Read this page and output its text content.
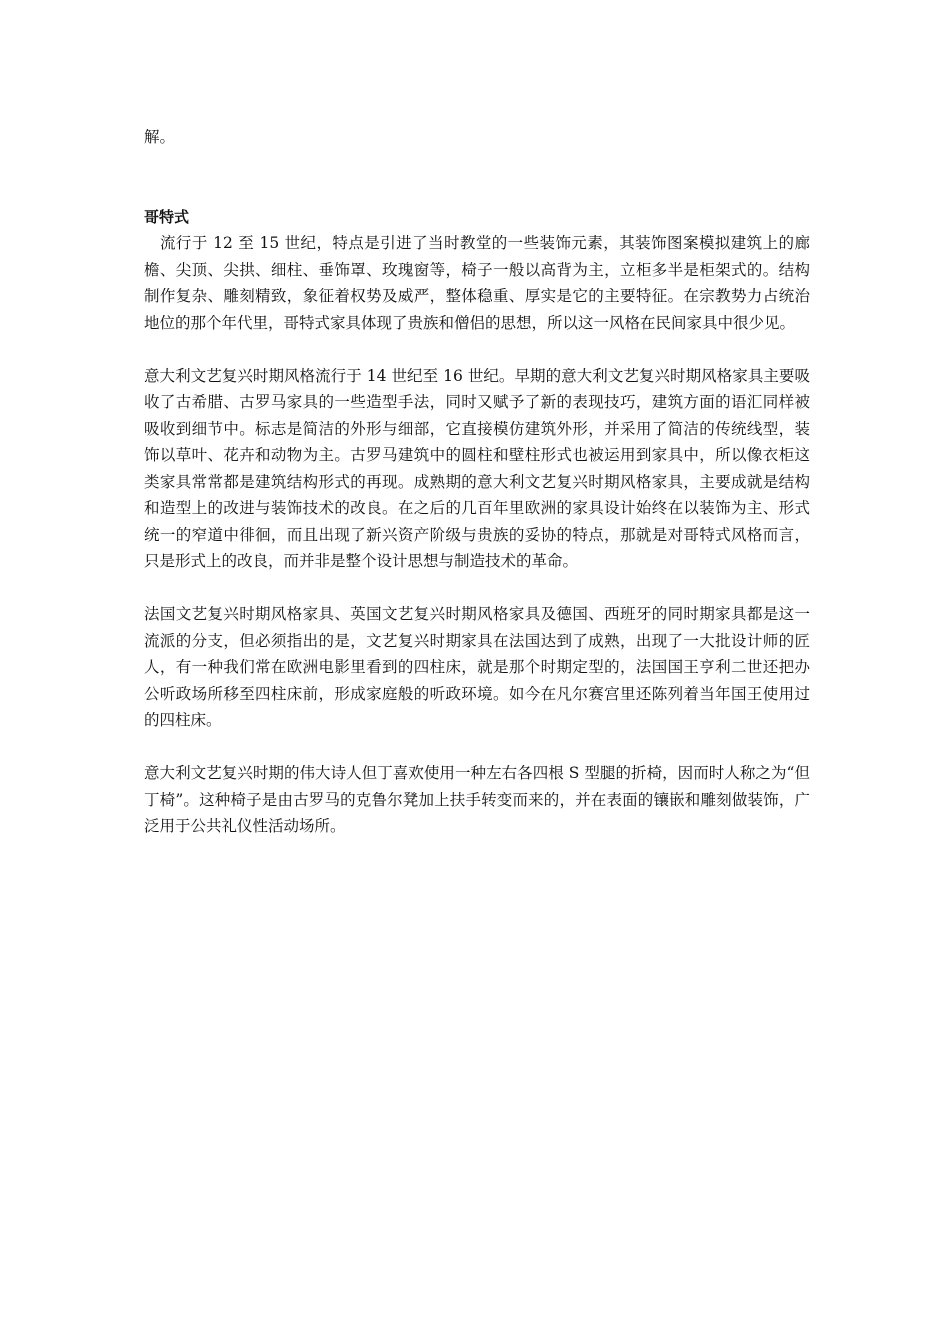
解。

哥特式

流行于 12 至 15 世纪，特点是引进了当时教堂的一些装饰元素，其装饰图案模拟建筑上的廊檐、尖顶、尖拱、细柱、垂饰罩、玫瑰窗等，椅子一般以高背为主，立柜多半是柜架式的。结构制作复杂、雕刻精致，象征着权势及威严，整体稳重、厚实是它的主要特征。在宗教势力占统治地位的那个年代里，哥特式家具体现了贵族和僧侣的思想，所以这一风格在民间家具中很少见。

意大利文艺复兴时期风格流行于 14 世纪至 16 世纪。早期的意大利文艺复兴时期风格家具主要吸收了古希腊、古罗马家具的一些造型手法，同时又赋予了新的表现技巧，建筑方面的语汇同样被吸收到细节中。标志是简洁的外形与细部，它直接模仿建筑外形，并采用了简洁的传统线型，装饰以草叶、花卉和动物为主。古罗马建筑中的圆柱和壁柱形式也被运用到家具中，所以像衣柜这类家具常常都是建筑结构形式的再现。成熟期的意大利文艺复兴时期风格家具，主要成就是结构和造型上的改进与装饰技术的改良。在之后的几百年里欧洲的家具设计始终在以装饰为主、形式统一的窄道中徘徊，而且出现了新兴资产阶级与贵族的妥协的特点，那就是对哥特式风格而言，只是形式上的改良，而并非是整个设计思想与制造技术的革命。

法国文艺复兴时期风格家具、英国文艺复兴时期风格家具及德国、西班牙的同时期家具都是这一流派的分支，但必须指出的是，文艺复兴时期家具在法国达到了成熟，出现了一大批设计师的匠人，有一种我们常在欧洲电影里看到的四柱床，就是那个时期定型的，法国国王亨利二世还把办公听政场所移至四柱床前，形成家庭般的听政环境。如今在凡尔赛宫里还陈列着当年国王使用过的四柱床。

意大利文艺复兴时期的伟大诗人但丁喜欢使用一种左右各四根 S 型腿的折椅，因而时人称之为“但丁椅”。这种椅子是由古罗马的克鲁尔凳加上扶手转变而来的，并在表面的镶嵌和雕刻做装饰，广泛用于公共礼仪性活动场所。
